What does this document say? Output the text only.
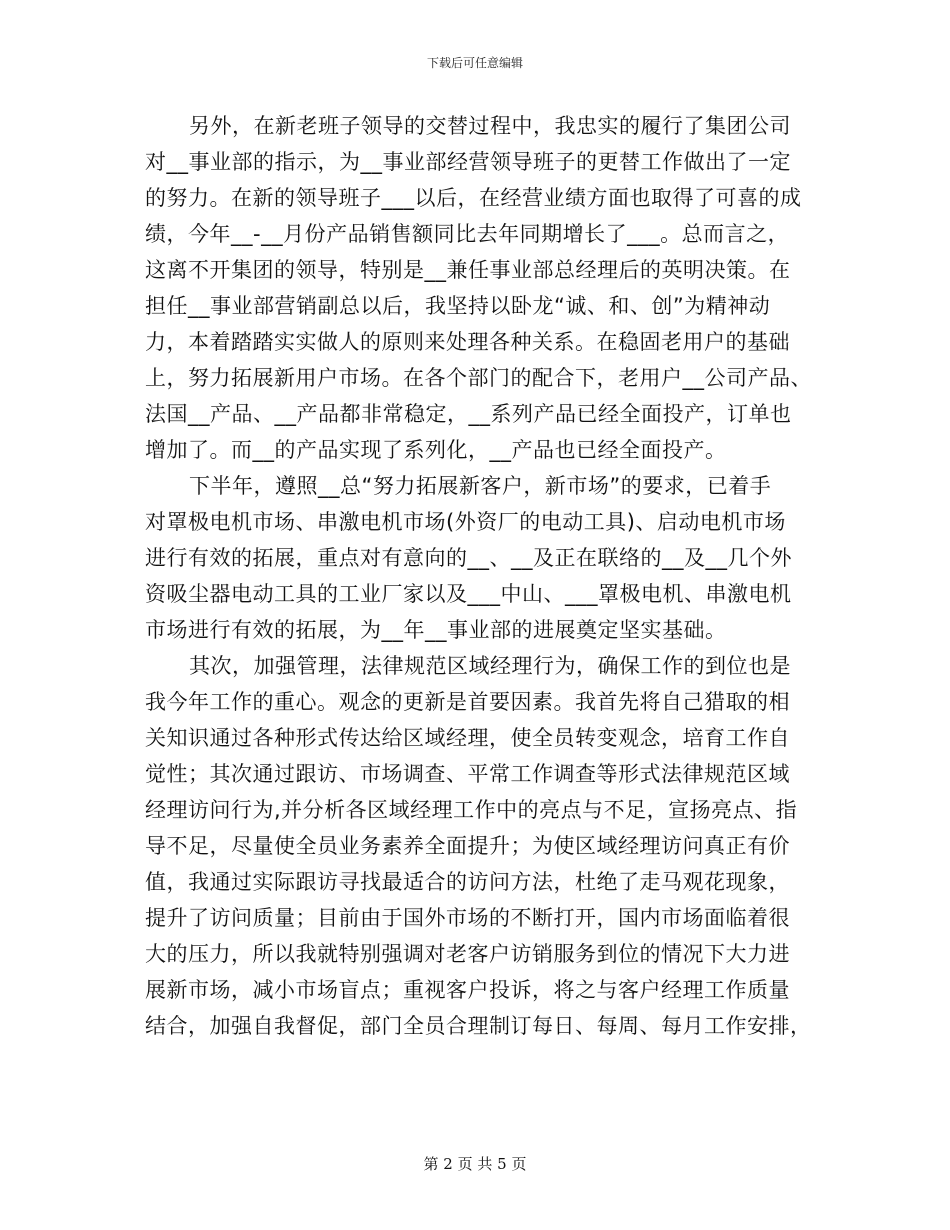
下载后可任意编辑
另外，在新老班子领导的交替过程中，我忠实的履行了集团公司
对__事业部的指示，为__事业部经营领导班子的更替工作做出了一定
的努力。在新的领导班子___以后，在经营业绩方面也取得了可喜的成
绩，今年__-__月份产品销售额同比去年同期增长了___。总而言之，
这离不开集团的领导，特别是__兼任事业部总经理后的英明决策。在
担任__事业部营销副总以后，我坚持以卧龙“诚、和、创”为精神动
力，本着踏踏实实做人的原则来处理各种关系。在稳固老用户的基础
上，努力拓展新用户市场。在各个部门的配合下，老用户__公司产品、
法国__产品、__产品都非常稳定，__系列产品已经全面投产，订单也
增加了。而__的产品实现了系列化，__产品也已经全面投产。
下半年，遵照__总“努力拓展新客户，新市场”的要求，已着手
对罩极电机市场、串激电机市场(外资厂的电动工具)、启动电机市场
进行有效的拓展，重点对有意向的__、__及正在联络的__及__几个外
资吸尘器电动工具的工业厂家以及___中山、___罩极电机、串激电机
市场进行有效的拓展，为__年__事业部的进展奠定坚实基础。
其次，加强管理，法律规范区域经理行为，确保工作的到位也是
我今年工作的重心。观念的更新是首要因素。我首先将自己猎取的相
关知识通过各种形式传达给区域经理，使全员转变观念，培育工作自
觉性；其次通过跟访、市场调查、平常工作调查等形式法律规范区域
经理访问行为,并分析各区域经理工作中的亮点与不足，宣扬亮点、指
导不足，尽量使全员业务素养全面提升；为使区域经理访问真正有价
值，我通过实际跟访寻找最适合的访问方法，杜绝了走马观花现象，
提升了访问质量；目前由于国外市场的不断打开，国内市场面临着很
大的压力，所以我就特别强调对老客户访销服务到位的情况下大力进
展新市场，减小市场盲点；重视客户投诉，将之与客户经理工作质量
结合，加强自我督促，部门全员合理制订每日、每周、每月工作安排，
第 2 页 共 5 页
